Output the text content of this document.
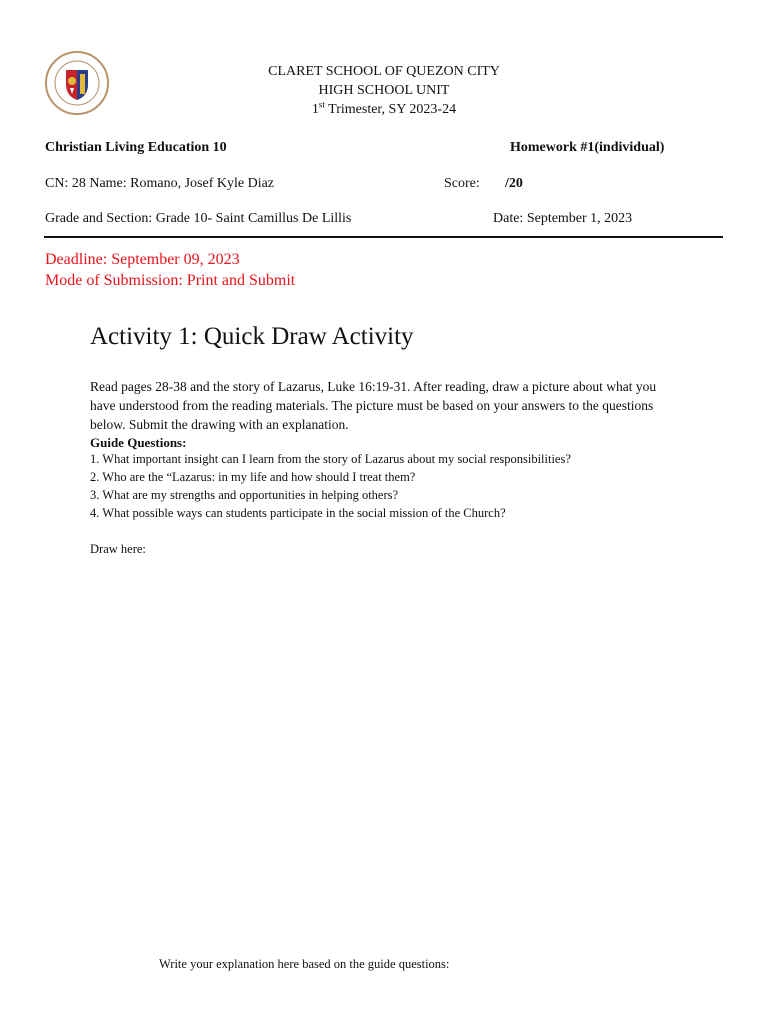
CLARET SCHOOL OF QUEZON CITY
HIGH SCHOOL UNIT
1st Trimester, SY 2023-24
Christian Living Education 10	Homework #1(individual)
CN: 28 Name: Romano, Josef Kyle Diaz	Score: /20
Grade and Section: Grade 10- Saint Camillus De Lillis	Date: September 1, 2023
Deadline: September 09, 2023
Mode of Submission: Print and Submit
Activity 1: Quick Draw Activity
Read pages 28-38 and the story of Lazarus, Luke 16:19-31. After reading, draw a picture about what you
have understood from the reading materials. The picture must be based on your answers to the questions
below. Submit the drawing with an explanation.
Guide Questions:
1. What important insight can I learn from the story of Lazarus about my social responsibilities?
2. Who are the “Lazarus: in my life and how should I treat them?
3. What are my strengths and opportunities in helping others?
4. What possible ways can students participate in the social mission of the Church?
Draw here:
Write your explanation here based on the guide questions:
